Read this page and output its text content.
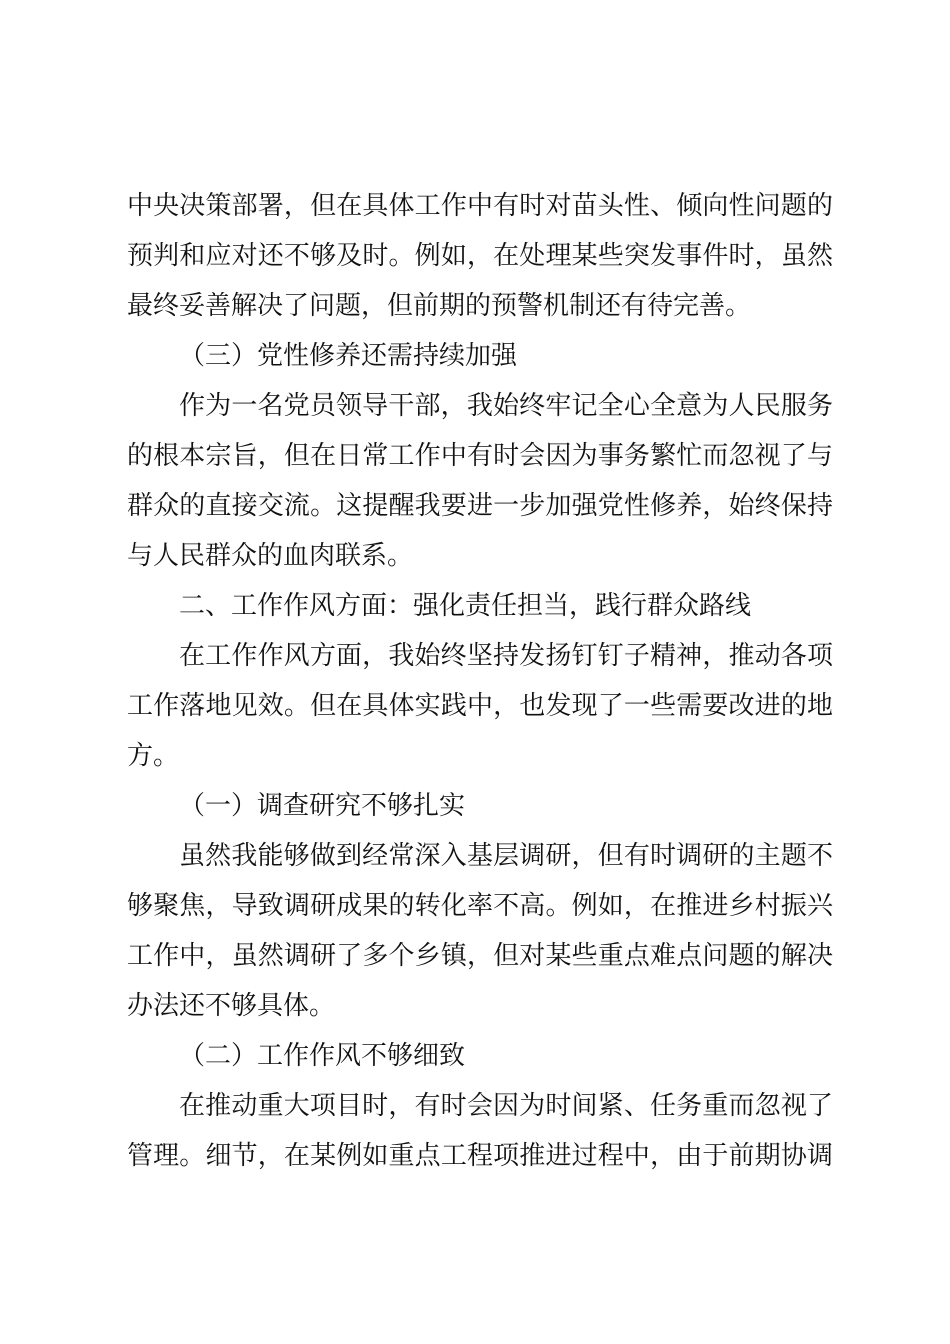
中央决策部署，但在具体工作中有时对苗头性、倾向性问题的
预判和应对还不够及时。例如，在处理某些突发事件时，虽然
最终妥善解决了问题，但前期的预警机制还有待完善。
（三）党性修养还需持续加强
作为一名党员领导干部，我始终牢记全心全意为人民服务
的根本宗旨，但在日常工作中有时会因为事务繁忙而忽视了与
群众的直接交流。这提醒我要进一步加强党性修养，始终保持
与人民群众的血肉联系。
二、工作作风方面：强化责任担当，践行群众路线
在工作作风方面，我始终坚持发扬钉钉子精神，推动各项
工作落地见效。但在具体实践中，也发现了一些需要改进的地
方。
（一）调查研究不够扎实
虽然我能够做到经常深入基层调研，但有时调研的主题不
够聚焦，导致调研成果的转化率不高。例如，在推进乡村振兴
工作中，虽然调研了多个乡镇，但对某些重点难点问题的解决
办法还不够具体。
（二）工作作风不够细致
在推动重大项目时，有时会因为时间紧、任务重而忽视了
管理。细节，在某例如重点工程项推进过程中，由于前期协调
